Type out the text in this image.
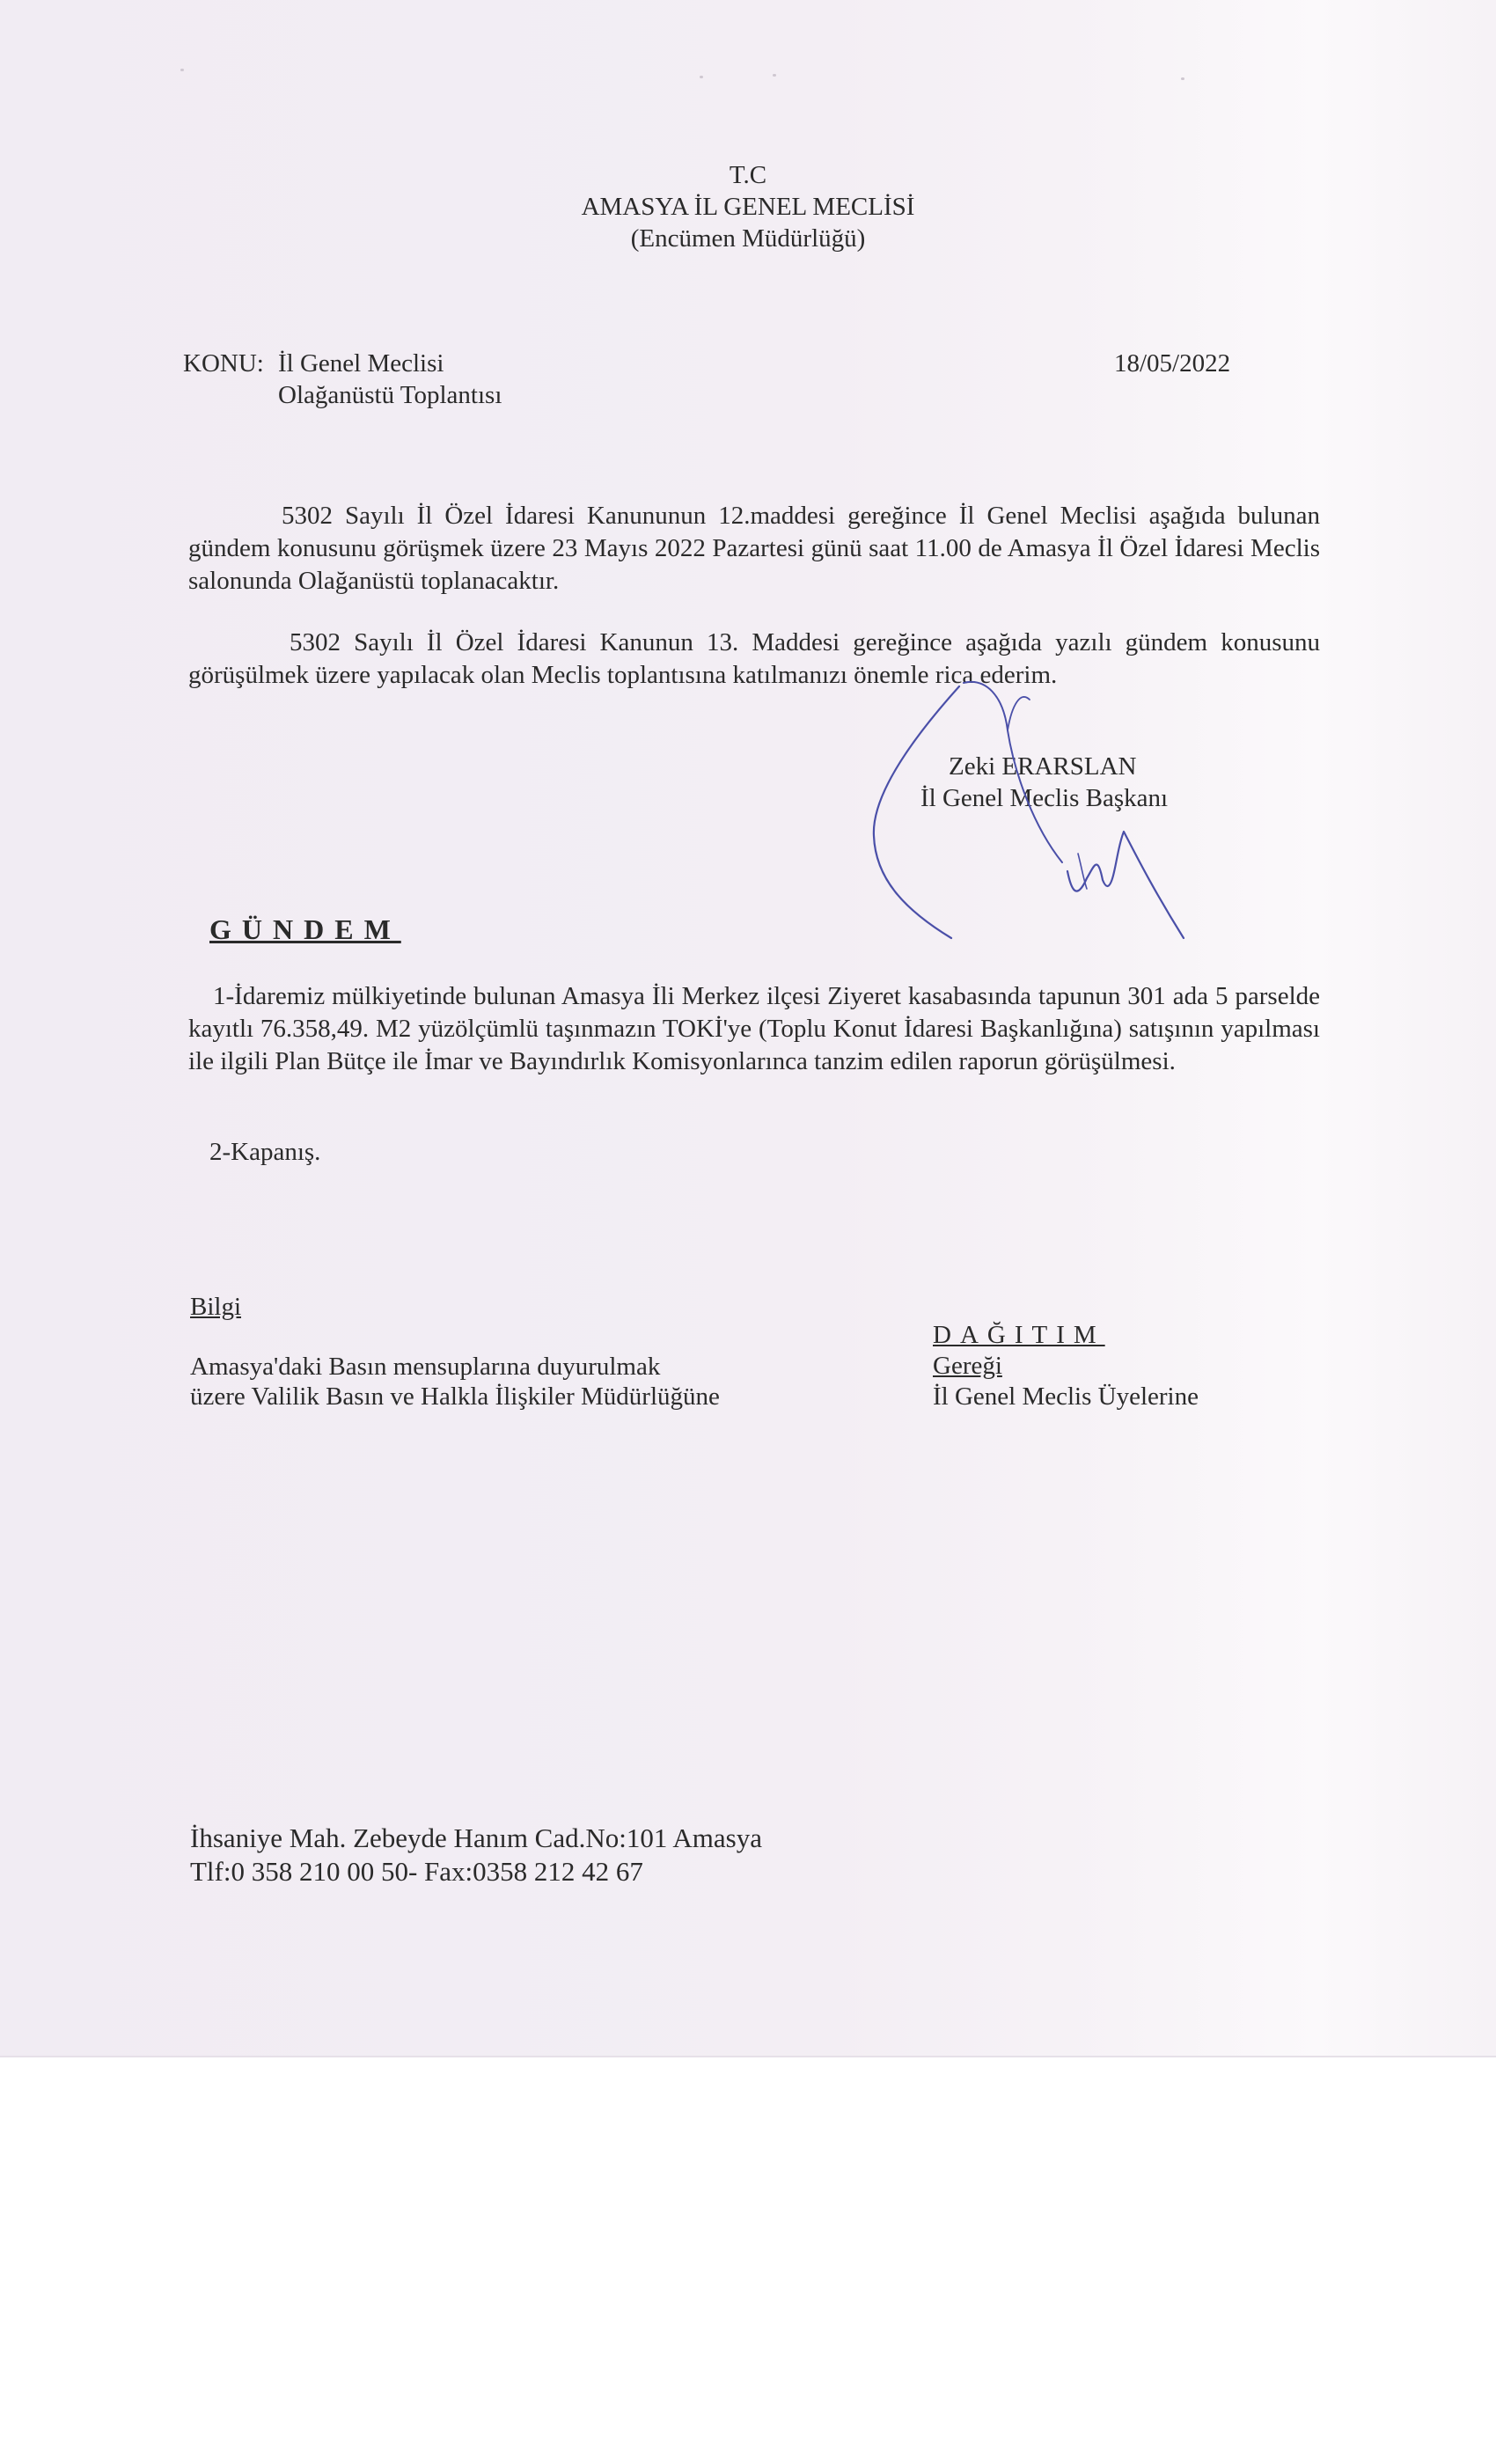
T.C
AMASYA İL GENEL MECLİSİ
(Encümen Müdürlüğü)
KONU: İl Genel Meclisi
Olağanüstü Toplantısı
18/05/2022

5302 Sayılı İl Özel İdaresi Kanununun 12.maddesi gereğince İl Genel Meclisi aşağıda bulunan gündem konusunu görüşmek üzere 23 Mayıs 2022 Pazartesi günü saat 11.00 de Amasya İl Özel İdaresi Meclis salonunda Olağanüstü toplanacaktır.

5302 Sayılı İl Özel İdaresi Kanunun 13. Maddesi gereğince aşağıda yazılı gündem konusunu görüşülmek üzere yapılacak olan Meclis toplantısına katılmanızı önemle rica ederim.

Zeki ERARSLAN
İl Genel Meclis Başkanı
GÜNDEM

1-İdaremiz mülkiyetinde bulunan Amasya İli Merkez ilçesi Ziyeret kasabasında tapunun 301 ada 5 parselde kayıtlı 76.358,49. M2 yüzölçümlü taşınmazın TOKİ'ye (Toplu Konut İdaresi Başkanlığına) satışının yapılması ile ilgili Plan Bütçe ile İmar ve Bayındırlık Komisyonlarınca tanzim edilen raporun görüşülmesi.

2-Kapanış.
Bilgi
Amasya'daki Basın mensuplarına duyurulmak
üzere Valilik Basın ve Halkla İlişkiler Müdürlüğüne
DAĞITIM
Gereği
İl Genel Meclis Üyelerine
İhsaniye Mah. Zebeyde Hanım Cad.No:101 Amasya
Tlf:0 358 210 00 50- Fax:0358 212 42 67
